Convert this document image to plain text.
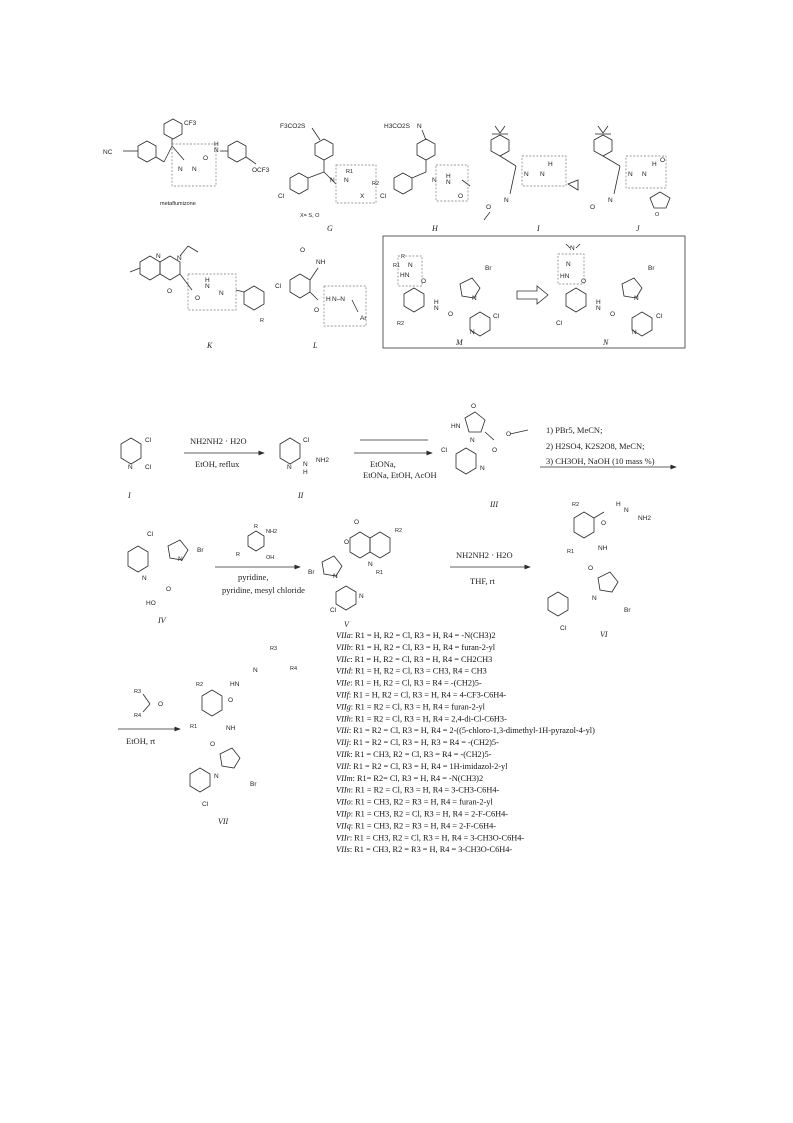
NC
CF3
N N
O
H
N
OCF3
metaflumizone
F3CO2S
Cl
N N
R1
R2
X
X= S, O
G
H3CO2S N
Cl
N
H
N
O
H
N
O
N N
H
I
N
O
N N
H
O
O
J
N	N
O
O
H
N
N
R
K
NH
O
Cl
O
H N–N
Ar
L
R
R1 N
HN
O
R2
H
N
O
N
Br
N
Cl
M
N
N
HN
O
Cl
H
N
O
N
Br
N
Cl
N
Cl
Cl
N
I
NH2NH2 · H2O
EtOH, reflux
Cl
N N
H
NH2
II
EtONa,
EtONa, EtOH, AcOH
O
HN
N
O
O
Cl
N
III
1) PBr5, MeCN;
2) H2SO4, K2S2O8, MeCN;
3) CH3OH, NaOH (10 mass %)
Cl
N
N
Br
O
HO
IV
R
NH2
R	OH
pyridine,
pyridine, mesyl chloride
O
O
N
R2
R1
Br
N
Cl
N
V
NH2NH2 · H2O
THF, rt
R2
R1
O
H
N
NH2
NH
O
N
Br
Cl
VI
R3
O
R4
EtOH, rt
R3
R4
N
HN
O
R2
R1	NH
O
N
Br
Cl
VII
VIIa: R1 = H, R2 = Cl, R3 = H, R4 = -N(CH3)2
VIIb: R1 = H, R2 = Cl, R3 = H, R4 = furan-2-yl
VIIc: R1 = H, R2 = Cl, R3 = H, R4 = CH2CH3
VIId: R1 = H, R2 = Cl, R3 = CH3, R4 = CH3
VIIe: R1 = H, R2 = Cl, R3 = R4 = -(CH2)5-
VIIf: R1 = H, R2 = Cl, R3 = H, R4 = 4-CF3-C6H4-
VIIg: R1 = R2 = Cl, R3 = H, R4 = furan-2-yl
VIIh: R1 = R2 = Cl, R3 = H, R4 = 2,4-di-Cl-C6H3-
VIIi: R1 = R2 = Cl, R3 = H, R4 = 2-((5-chloro-1,3-dimethyl-1H-pyrazol-4-yl)
VIIj: R1 = R2 = Cl, R3 = H, R3 = R4 = -(CH2)5-
VIIk: R1 = CH3, R2 = Cl, R3 = R4 = -(CH2)5-
VIIl: R1 = R2 = Cl, R3 = H, R4 = 1H-imidazol-2-yl
VIIm: R1= R2= Cl, R3 = H, R4 = -N(CH3)2
VIIn: R1 = R2 = Cl, R3 = H, R4 = 3-CH3-C6H4-
VIIo: R1 = CH3, R2 = R3 = H, R4 = furan-2-yl
VIIp: R1 = CH3, R2 = Cl, R3 = H, R4 = 2-F-C6H4-
VIIq: R1 = CH3, R2 = R3 = H, R4 = 2-F-C6H4-
VIIr: R1 = CH3, R2 = Cl, R3 = H, R4 = 3-CH3O-C6H4-
VIIs: R1 = CH3, R2 = R3 = H, R4 = 3-CH3O-C6H4-
